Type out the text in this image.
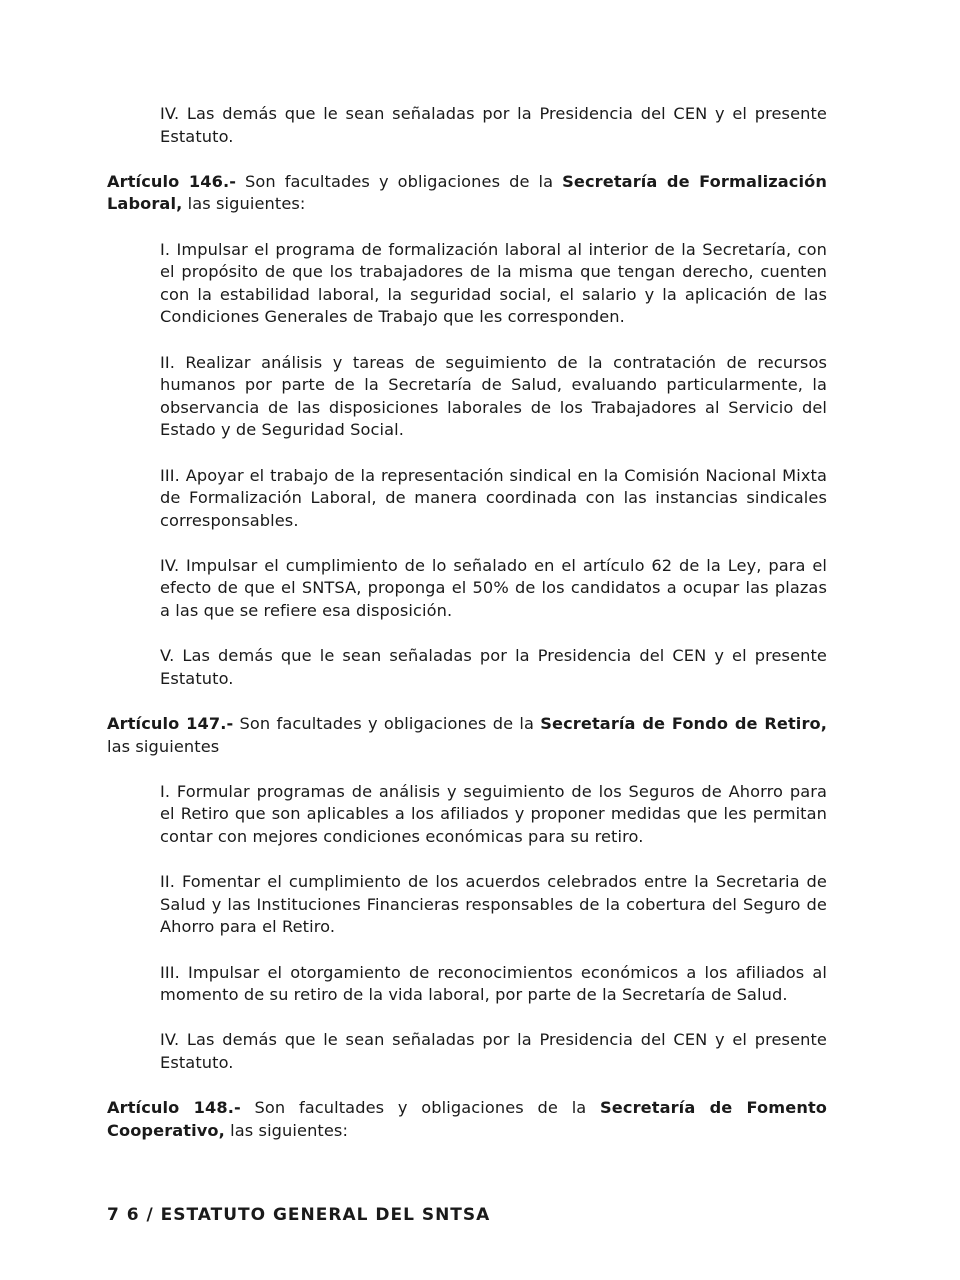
IV. Las demás que le sean señaladas por la Presidencia del CEN y el presente Estatuto.

Artículo 146.- Son facultades y obligaciones de la Secretaría de Formalización Laboral, las siguientes:

I. Impulsar el programa de formalización laboral al interior de la Secretaría, con el propósito de que los trabajadores de la misma que tengan derecho, cuenten con la estabilidad laboral, la seguridad social, el salario y la aplicación de las Condiciones Generales de Trabajo que les corresponden.

II. Realizar análisis y tareas de seguimiento de la contratación de recursos humanos por parte de la Secretaría de Salud, evaluando particularmente, la observancia de las disposiciones laborales de los Trabajadores al Servicio del Estado y de Seguridad Social.

III. Apoyar el trabajo de la representación sindical en la Comisión Nacional Mixta de Formalización Laboral, de manera coordinada con las instancias sindicales corresponsables.

IV. Impulsar el cumplimiento de lo señalado en el artículo 62 de la Ley, para el efecto de que el SNTSA, proponga el 50% de los candidatos a ocupar las plazas a las que se refiere esa disposición.

V. Las demás que le sean señaladas por la Presidencia del CEN y el presente Estatuto.

Artículo 147.- Son facultades y obligaciones de la Secretaría de Fondo de Retiro, las siguientes

I. Formular programas de análisis y seguimiento de los Seguros de Ahorro para el Retiro que son aplicables a los afiliados y proponer medidas que les permitan contar con mejores condiciones económicas para su retiro.

II. Fomentar el cumplimiento de los acuerdos celebrados entre la Secretaria de Salud y las Instituciones Financieras responsables de la cobertura del Seguro de Ahorro para el Retiro.

III. Impulsar el otorgamiento de reconocimientos económicos a los afiliados al momento de su retiro de la vida laboral, por parte de la Secretaría de Salud.

IV. Las demás que le sean señaladas por la Presidencia del CEN y el presente Estatuto.

Artículo 148.- Son facultades y obligaciones de la Secretaría de Fomento Cooperativo, las siguientes:

7 6 / ESTATUTO GENERAL DEL SNTSA
